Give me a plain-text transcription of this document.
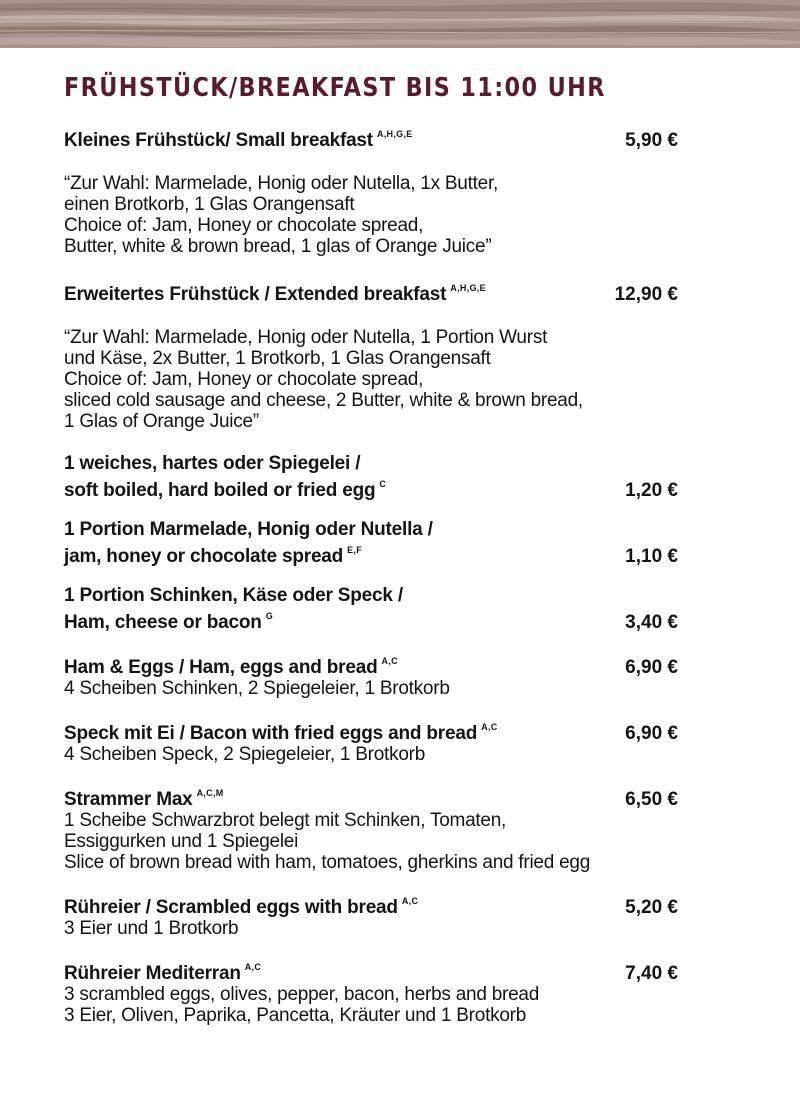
FRÜHSTÜCK/BREAKFAST BIS 11:00 UHR
Kleines Frühstück/ Small breakfast $^{A,H,G,E}$	5,90 €
“Zur Wahl: Marmelade, Honig oder Nutella, 1x Butter,
einen Brotkorb, 1 Glas Orangensaft
Choice of: Jam, Honey or chocolate spread,
Butter, white & brown bread, 1 glas of Orange Juice”
Erweitertes Frühstück / Extended breakfast $^{A,H,G,E}$	12,90 €
“Zur Wahl: Marmelade, Honig oder Nutella, 1 Portion Wurst
und Käse, 2x Butter, 1 Brotkorb, 1 Glas Orangensaft
Choice of: Jam, Honey or chocolate spread,
sliced cold sausage and cheese, 2 Butter, white & brown bread,
1 Glas of Orange Juice”
1 weiches, hartes oder Spiegelei /
soft boiled, hard boiled or fried egg $^C$	1,20 €
1 Portion Marmelade, Honig oder Nutella /
jam, honey or chocolate spread $^{E,F}$	1,10 €
1 Portion Schinken, Käse oder Speck /
Ham, cheese or bacon $^G$	3,40 €
Ham & Eggs / Ham, eggs and bread $^{A,C}$	6,90 €
4 Scheiben Schinken, 2 Spiegeleier, 1 Brotkorb
Speck mit Ei / Bacon with fried eggs and bread $^{A,C}$	6,90 €
4 Scheiben Speck, 2 Spiegeleier, 1 Brotkorb
Strammer Max $^{A,C,M}$	6,50 €
1 Scheibe Schwarzbrot belegt mit Schinken, Tomaten,
Essiggurken und 1 Spiegelei
Slice of brown bread with ham, tomatoes, gherkins and fried egg
Rühreier / Scrambled eggs with bread $^{A,C}$	5,20 €
3 Eier und 1 Brotkorb
Rühreier Mediterran $^{A,C}$	7,40 €
3 scrambled eggs, olives, pepper, bacon, herbs and bread
3 Eier, Oliven, Paprika, Pancetta, Kräuter und 1 Brotkorb
